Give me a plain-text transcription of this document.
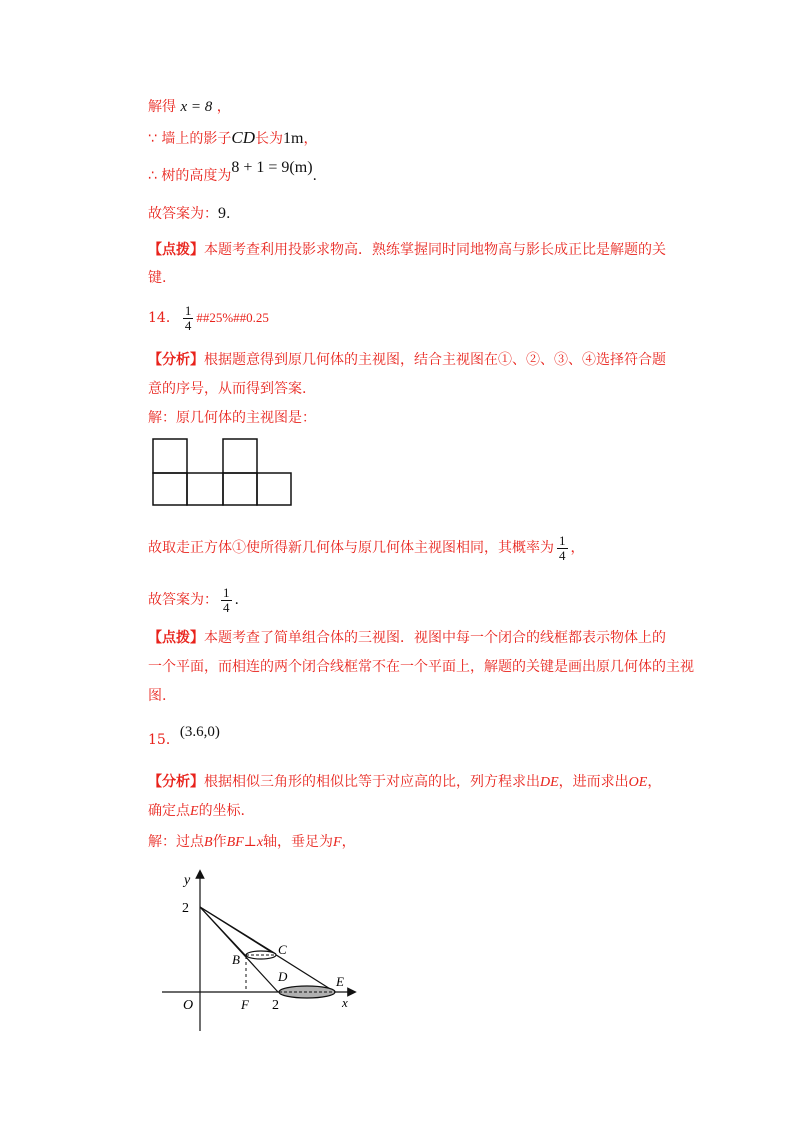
解得 x = 8 ，
∵ 墙上的影子CD长为1m，
∴ 树的高度为8 + 1 = 9(m).
故答案为：9.
【点拨】本题考查利用投影求物高．熟练掌握同时同地物高与影长成正比是解题的关
键.
14． $\frac{1}{4}$ ##25%##0.25
【分析】根据题意得到原几何体的主视图，结合主视图在①、②、③、④选择符合题
意的序号，从而得到答案.
解：原几何体的主视图是：
故取走正方体①使所得新几何体与原几何体主视图相同，其概率为 $\frac{1}{4}$ ，
故答案为： $\frac{1}{4}$ .
【点拨】本题考查了简单组合体的三视图．视图中每一个闭合的线框都表示物体上的
一个平面，而相连的两个闭合线框常不在一个平面上，解题的关键是画出原几何体的主视
图.
15．(3.6,0)
【分析】根据相似三角形的相似比等于对应高的比，列方程求出DE，进而求出OE，
确定点E的坐标.
解：过点B作BF⊥x轴，垂足为F，
y
2
O
B
C
D	E
F 2	x
